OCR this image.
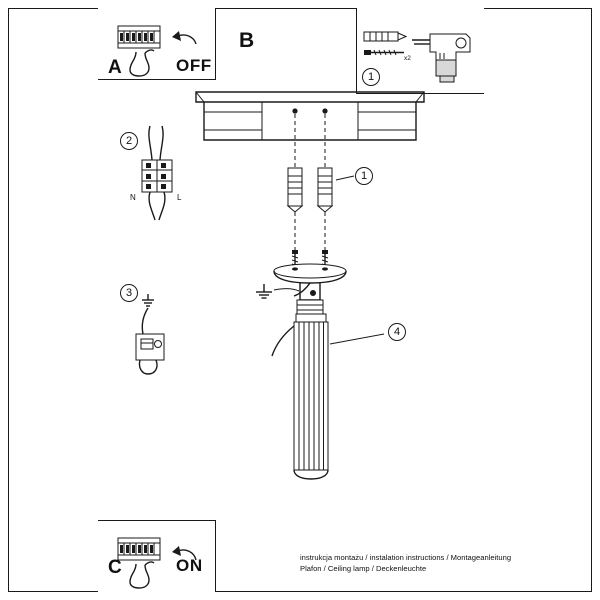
x2
N	L
A
B
C
OFF
ON
1
2
3
1
4
instrukcja montażu / instalation instructions / Montageanleitung
Plafon / Ceiling lamp / Deckenleuchte
